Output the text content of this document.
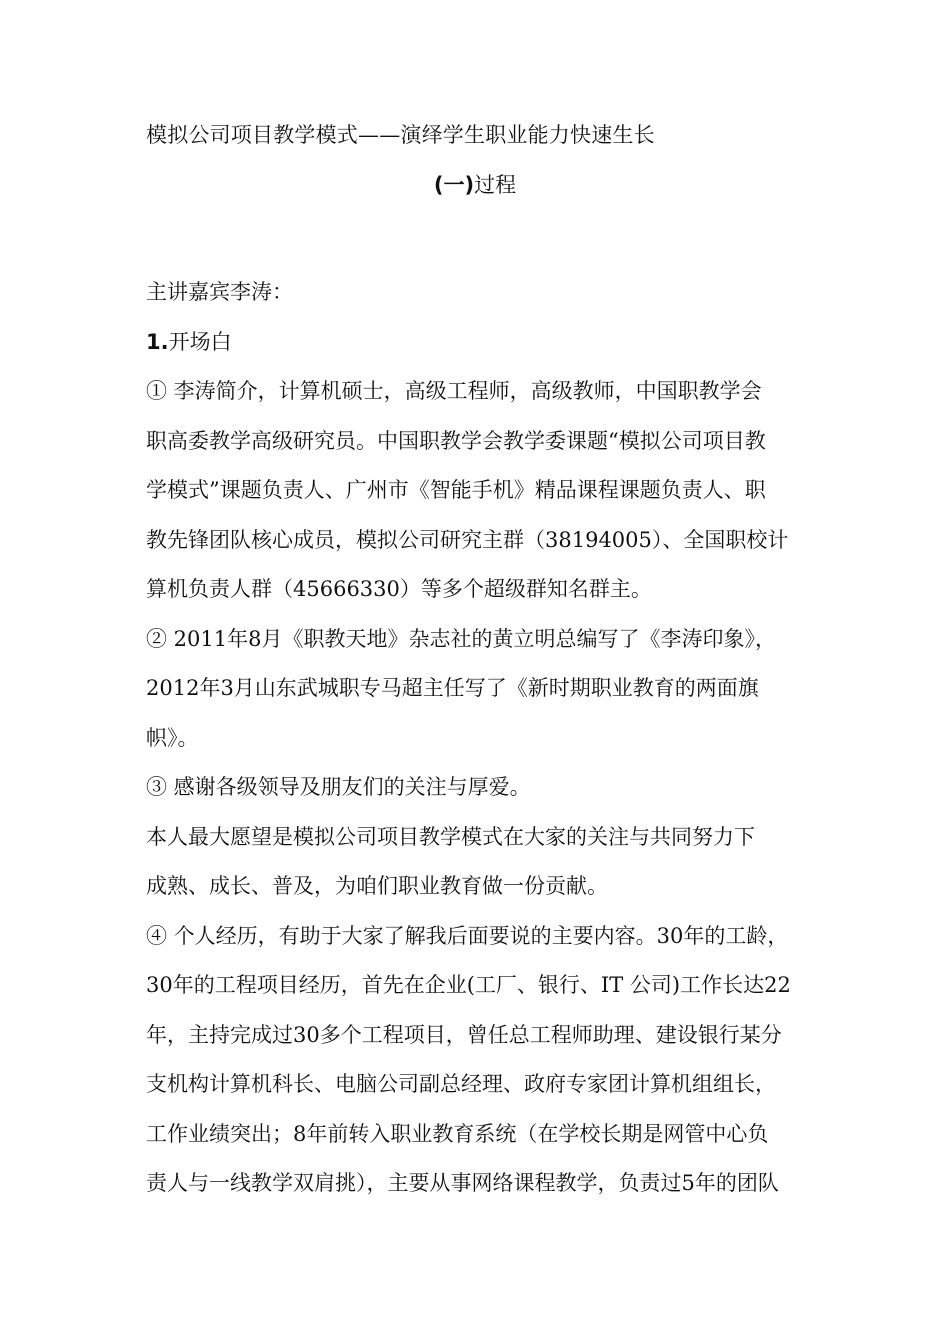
模拟公司项目教学模式——演绎学生职业能力快速生长
(一)过程
主讲嘉宾李涛：
1.开场白
① 李涛简介，计算机硕士，高级工程师，高级教师，中国职教学会
职高委教学高级研究员。中国职教学会教学委课题“模拟公司项目教
学模式”课题负责人、广州市《智能手机》精品课程课题负责人、职
教先锋团队核心成员，模拟公司研究主群（38194005）、全国职校计
算机负责人群（45666330）等多个超级群知名群主。
② 2011年8月《职教天地》杂志社的黄立明总编写了《李涛印象》，
2012年3月山东武城职专马超主任写了《新时期职业教育的两面旗
帜》。
③ 感谢各级领导及朋友们的关注与厚爱。
本人最大愿望是模拟公司项目教学模式在大家的关注与共同努力下
成熟、成长、普及，为咱们职业教育做一份贡献。
④ 个人经历，有助于大家了解我后面要说的主要内容。30年的工龄，
30年的工程项目经历，首先在企业(工厂、银行、IT 公司)工作长达22
年，主持完成过30多个工程项目，曾任总工程师助理、建设银行某分
支机构计算机科长、电脑公司副总经理、政府专家团计算机组组长，
工作业绩突出；8年前转入职业教育系统（在学校长期是网管中心负
责人与一线教学双肩挑），主要从事网络课程教学，负责过5年的团队
